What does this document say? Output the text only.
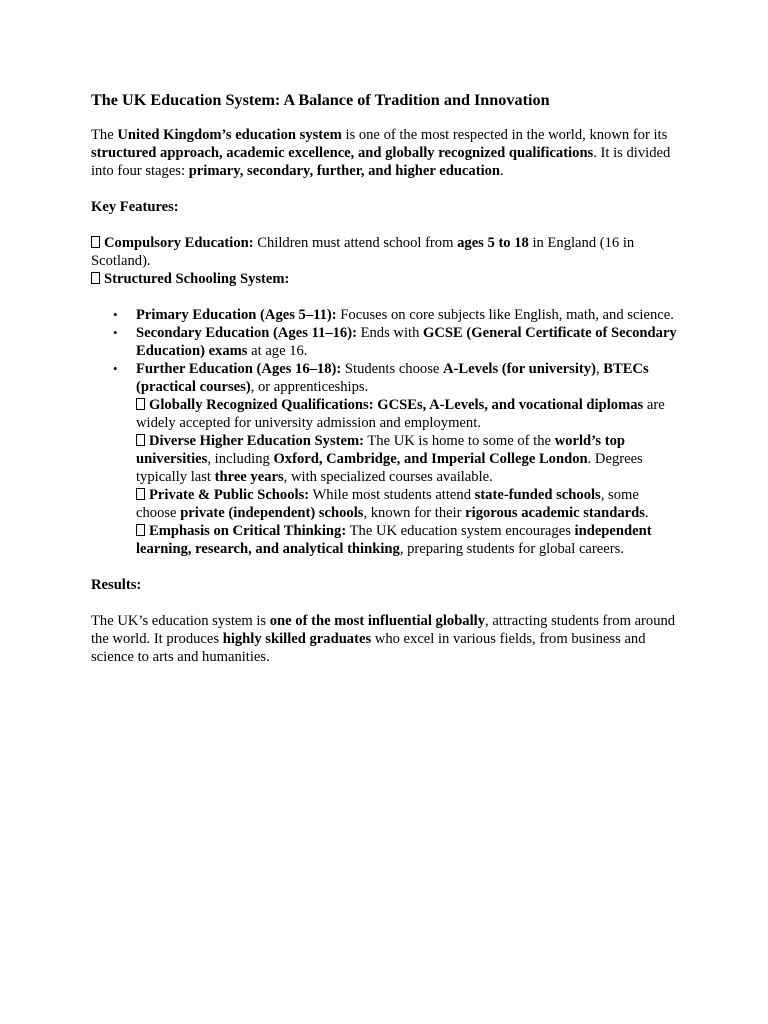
The UK Education System: A Balance of Tradition and Innovation

The United Kingdom’s education system is one of the most respected in the world, known for its structured approach, academic excellence, and globally recognized qualifications. It is divided into four stages: primary, secondary, further, and higher education.

Key Features:

Compulsory Education: Children must attend school from ages 5 to 18 in England (16 in Scotland).

Structured Schooling System:

• Primary Education (Ages 5–11): Focuses on core subjects like English, math, and science.
• Secondary Education (Ages 11–16): Ends with GCSE (General Certificate of Secondary Education) exams at age 16.
• Further Education (Ages 16–18): Students choose A-Levels (for university), BTECs (practical courses), or apprenticeships.

Globally Recognized Qualifications: GCSEs, A-Levels, and vocational diplomas are widely accepted for university admission and employment.

Diverse Higher Education System: The UK is home to some of the world’s top universities, including Oxford, Cambridge, and Imperial College London. Degrees typically last three years, with specialized courses available.

Private & Public Schools: While most students attend state-funded schools, some choose private (independent) schools, known for their rigorous academic standards.

Emphasis on Critical Thinking: The UK education system encourages independent learning, research, and analytical thinking, preparing students for global careers.

Results:

The UK’s education system is one of the most influential globally, attracting students from around the world. It produces highly skilled graduates who excel in various fields, from business and science to arts and humanities.
